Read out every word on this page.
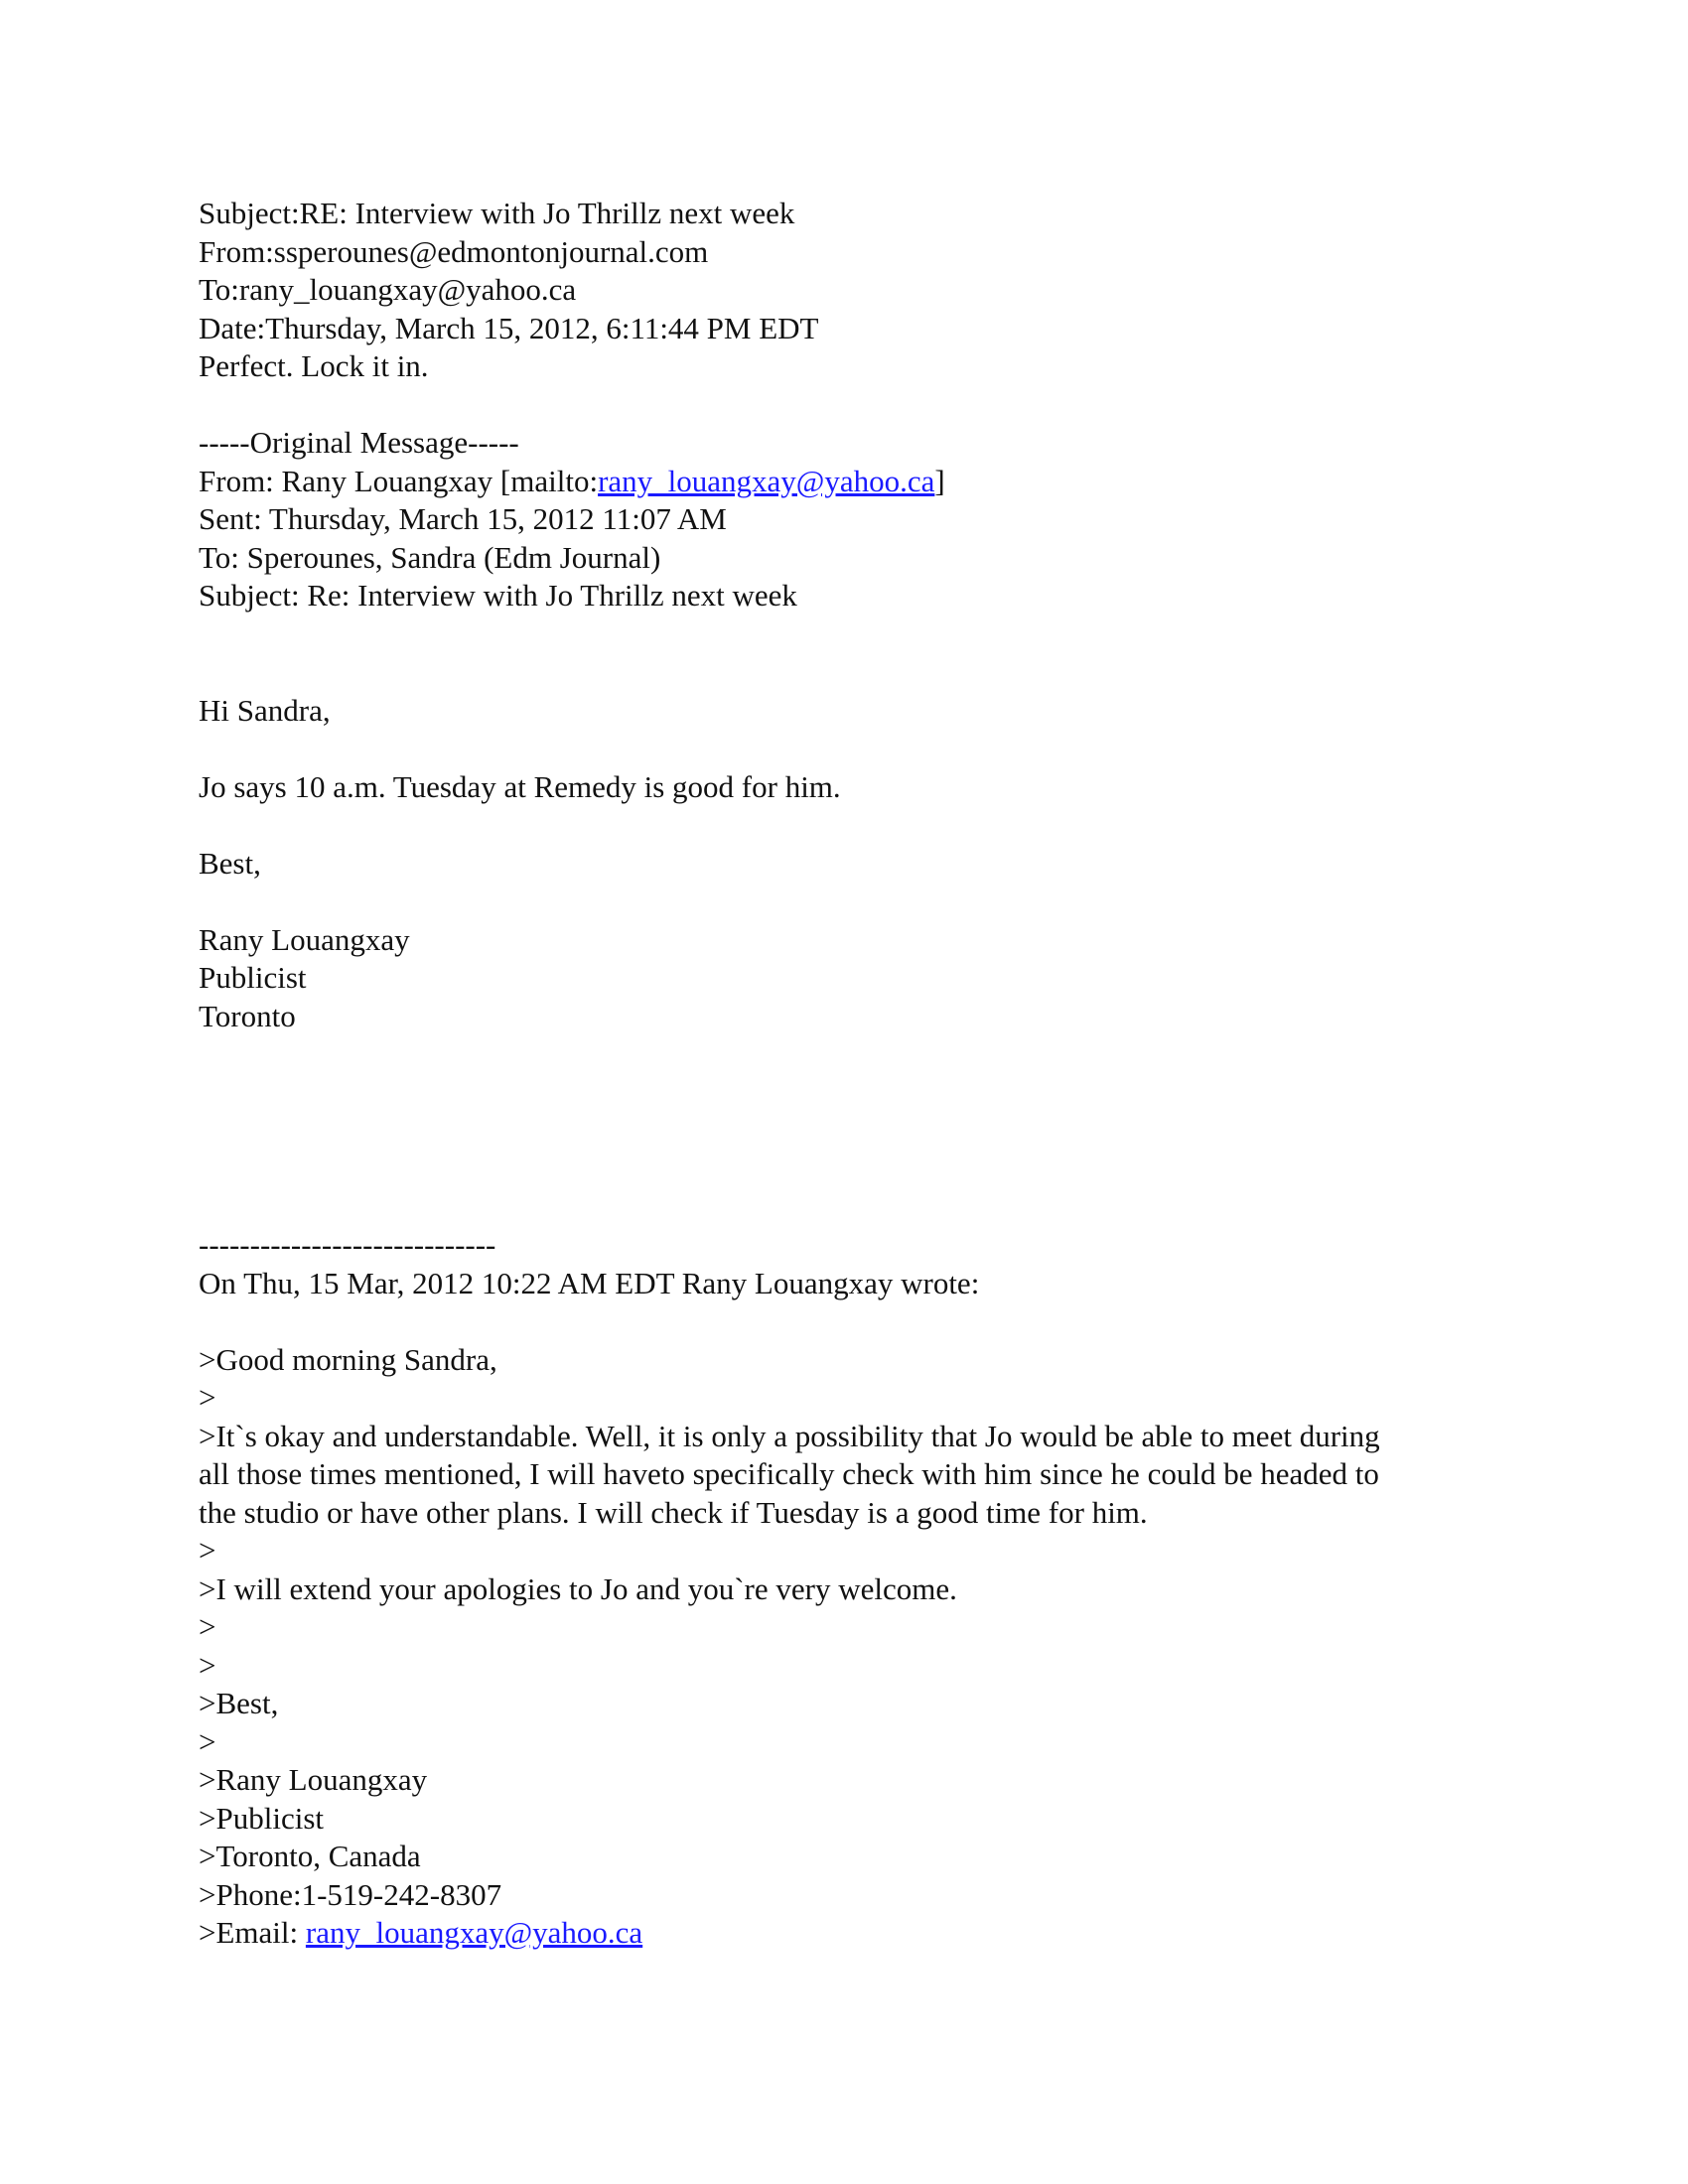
Subject:RE: Interview with Jo Thrillz next week
From:ssperounes@edmontonjournal.com
To:rany_louangxay@yahoo.ca
Date:Thursday, March 15, 2012, 6:11:44 PM EDT
Perfect. Lock it in.
-----Original Message-----
From: Rany Louangxay [mailto:rany_louangxay@yahoo.ca]
Sent: Thursday, March 15, 2012 11:07 AM
To: Sperounes, Sandra (Edm Journal)
Subject: Re: Interview with Jo Thrillz next week
Hi Sandra,
Jo says 10 a.m. Tuesday at Remedy is good for him.
Best,
Rany Louangxay
Publicist
Toronto
-----------------------------
On Thu, 15 Mar, 2012 10:22 AM EDT Rany Louangxay wrote:
>Good morning Sandra,
>
>It`s okay and understandable. Well, it is only a possibility that Jo would be able to meet during
all those times mentioned, I will haveto specifically check with him since he could be headed to
the studio or have other plans. I will check if Tuesday is a good time for him.
>
>I will extend your apologies to Jo and you`re very welcome.
>
>
>Best,
>
>Rany Louangxay
>Publicist
>Toronto, Canada
>Phone:1-519-242-8307
>Email: rany_louangxay@yahoo.ca
